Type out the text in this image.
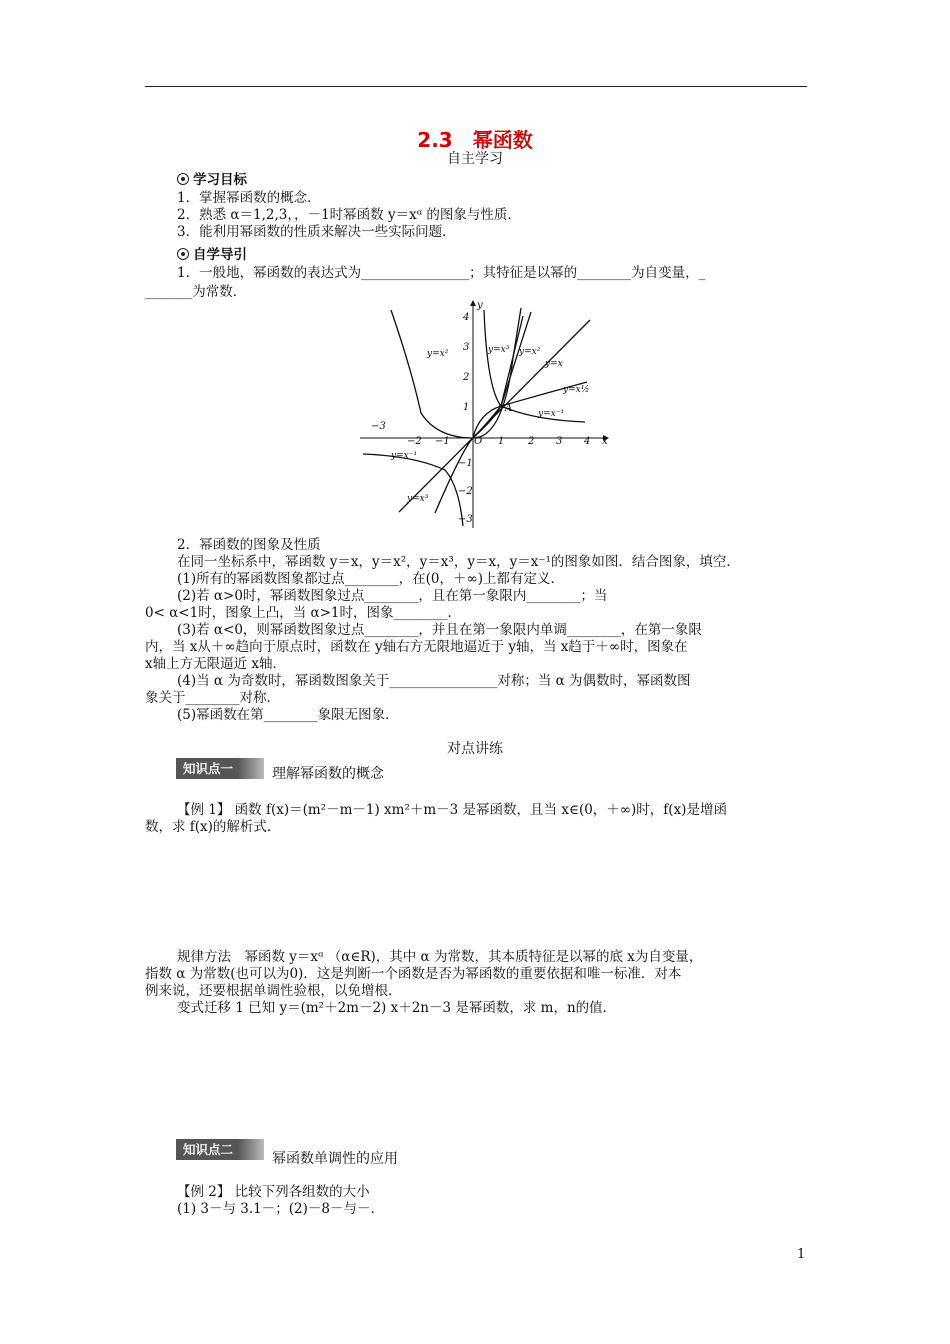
2.3　幂函数
自主学习
学习目标
1．掌握幂函数的概念．
2．熟悉 α＝1,2,3，，－1时幂函数 y＝xᵅ 的图象与性质．
3．能利用幂函数的性质来解决一些实际问题．
自学导引
1．一般地，幂函数的表达式为________________；其特征是以幂的________为自变量，_
_______为常数．
−3
−2 −1 O 1 2 3 4 x
4
3
2
1
−1
−2
−3
y
y=x²	y=x³ y=x²
y=x
y=x½
y=x⁻¹
y=x⁻¹
y=x³
A
2．幂函数的图象及性质
在同一坐标系中，幂函数 y＝x，y＝x²，y＝x³，y＝x，y＝x⁻¹的图象如图．结合图象，填空．
(1)所有的幂函数图象都过点________，在(0，＋∞)上都有定义．
(2)若 α>0时，幂函数图象过点________，且在第一象限内________；当
0< α<1时，图象上凸，当 α>1时，图象________．
(3)若 α<0，则幂函数图象过点________，并且在第一象限内单调________，在第一象限
内，当 x从＋∞趋向于原点时，函数在 y轴右方无限地逼近于 y轴，当 x趋于＋∞时，图象在
x轴上方无限逼近 x轴．
(4)当 α 为奇数时，幂函数图象关于________________对称；当 α 为偶数时，幂函数图
象关于________对称．
(5)幂函数在第________象限无图象．
对点讲练
知识点一	理解幂函数的概念
【例 1】 函数 f(x)＝(m²－m－1) xm²＋m－3 是幂函数，且当 x∈(0，＋∞)时，f(x)是增函
数，求 f(x)的解析式．
规律方法　幂函数 y＝xᵅ （α∈R)，其中 α 为常数，其本质特征是以幂的底 x为自变量，
指数 α 为常数(也可以为0)．这是判断一个函数是否为幂函数的重要依据和唯一标准．对本
例来说，还要根据单调性验根，以免增根．
变式迁移 1 已知 y＝(m²＋2m－2) x＋2n－3 是幂函数，求 m，n的值．
知识点二
幂函数单调性的应用
【例 2】 比较下列各组数的大小
(1) 3－与 3.1－；(2)－8－与－．
1
